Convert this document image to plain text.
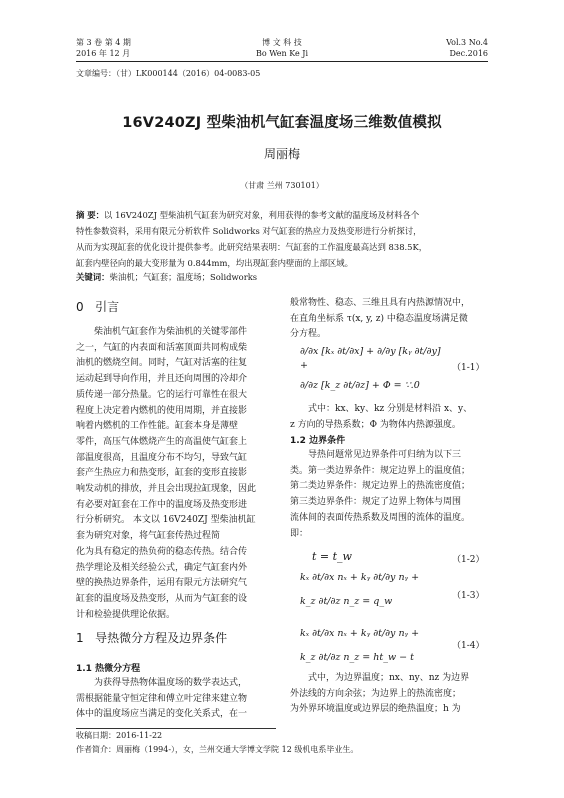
第 3 卷 第 4 期
2016 年 12 月
博 文 科 技
Bo Wen Ke Ji
Vol.3 No.4
Dec.2016
文章编号：（甘）LK000144（2016）04-0083-05
16V240ZJ 型柴油机气缸套温度场三维数值模拟
周丽梅
（甘肃 兰州 730101）
摘 要：以 16V240ZJ 型柴油机气缸套为研究对象，利用获得的参考文献的温度场及材料各个
特性参数资料，采用有限元分析软件 Solidworks 对气缸套的热应力及热变形进行分析探讨，
从而为实现缸套的优化设计提供参考。此研究结果表明：气缸套的工作温度最高达到 838.5K，
缸套内壁径向的最大变形量为 0.844mm，均出现缸套内壁面的上部区域。
关键词：柴油机；气缸套；温度场；Solidworks
0 引言
柴油机气缸套作为柴油机的关键零部件
之一，气缸的内表面和活塞顶面共同构成柴
油机的燃烧空间。同时，气缸对活塞的往复
运动起到导向作用，并且还向周围的冷却介
质传递一部分热量。它的运行可靠性在很大
程度上决定着内燃机的使用周期，并直接影
响着内燃机的工作性能。缸套本身是薄壁
零件，高压气体燃烧产生的高温使气缸套上
部温度很高，且温度分布不均匀，导致气缸
套产生热应力和热变形，缸套的变形直接影
响发动机的排放，并且会出现拉缸现象，因此
有必要对缸套在工作中的温度场及热变形进
行分析研究。 本文以 16V240ZJ 型柴油机缸
套为研究对象，将气缸套传热过程简
化为具有稳定的热负荷的稳态传热。结合传
热学理论及相关经验公式，确定气缸套内外
壁的换热边界条件，运用有限元方法研究气
缸套的温度场及热变形，从而为气缸套的设
计和检验提供理论依据。
1 导热微分方程及边界条件
1.1 热微分方程
为获得导热物体温度场的数学表达式，
需根据能量守恒定律和傅立叶定律来建立物
体中的温度场应当满足的变化关系式，在一
收稿日期：2016-11-22
作者简介：周丽梅（1994-），女，兰州交通大学博文学院 12 级机电系毕业生。
般常物性、稳态、三维且具有内热源情况中，
在直角坐标系 τ(x, y, z) 中稳态温度场满足微
分方程。
∂/∂x [kₓ ∂t/∂x] + ∂/∂y [kᵧ ∂t/∂y] +
∂/∂z [k_z ∂t/∂z] + Φ = ∵.0
（1-1）
式中：kx、ky、kz 分别是材料沿 x、y、
z 方向的导热系数；Φ 为物体内热源强度。
1.2 边界条件
导热问题常见边界条件可归纳为以下三
类。第一类边界条件：规定边界上的温度值；
第二类边界条件：规定边界上的热流密度值；
第三类边界条件：规定了边界上物体与周围
流体间的表面传热系数及周围的流体的温度。
即：
t = t_w	（1-2）
kₓ ∂t/∂x nₓ + kᵧ ∂t/∂y nᵧ +
k_z ∂t/∂z n_z = q_w	（1-3）
kₓ ∂t/∂x nₓ + kᵧ ∂t/∂y nᵧ +
k_z ∂t/∂z n_z = ht_w − t
（1-4）
式中，为边界温度；nx、ny、nz 为边界
外法线的方向余弦；为边界上的热流密度；
为外界环境温度或边界层的绝热温度；h 为
